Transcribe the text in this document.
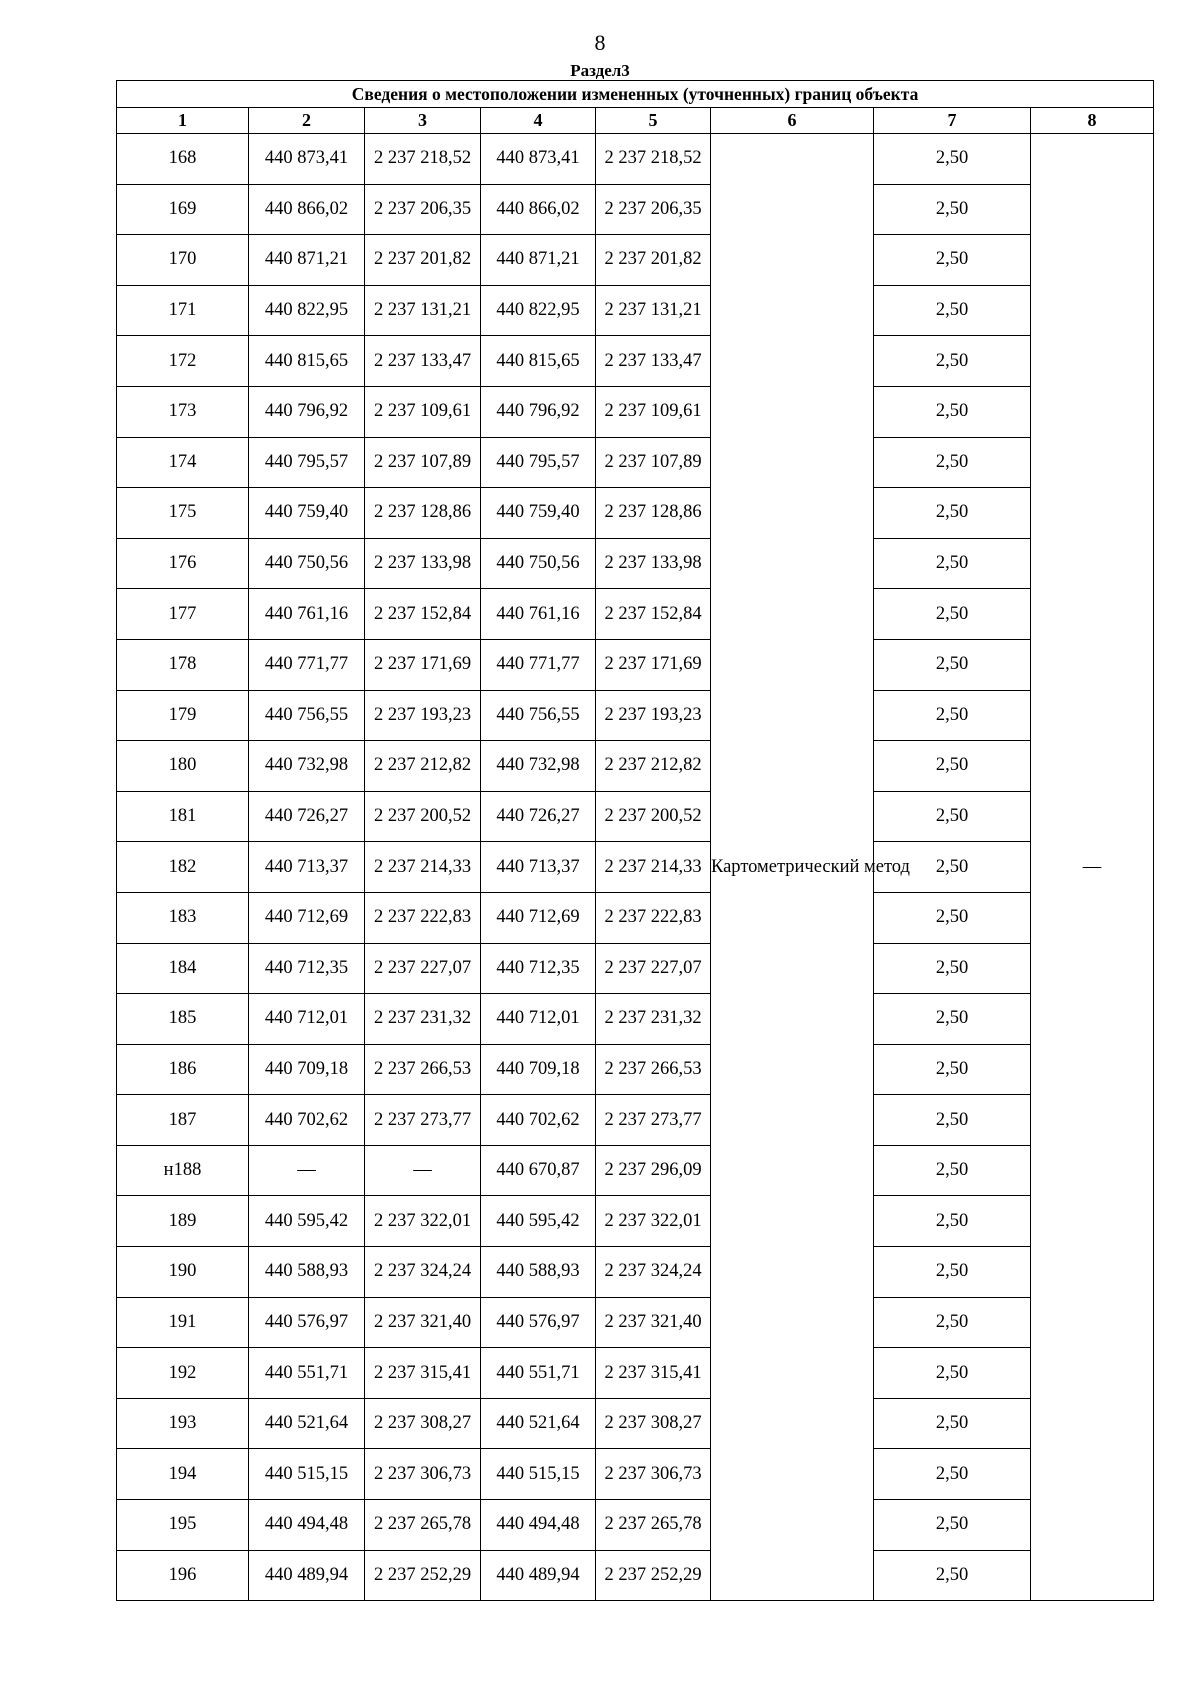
8
Раздел3
Сведения о местоположении измененных (уточненных) границ объекта							
1	2	3	4	5	6	7	8
168	440 873,41	2 237 218,52	440 873,41	2 237 218,52	Картометрический метод	2,50	—
169	440 866,02	2 237 206,35	440 866,02	2 237 206,35		2,50	
170	440 871,21	2 237 201,82	440 871,21	2 237 201,82		2,50	
171	440 822,95	2 237 131,21	440 822,95	2 237 131,21		2,50	
172	440 815,65	2 237 133,47	440 815,65	2 237 133,47		2,50	
173	440 796,92	2 237 109,61	440 796,92	2 237 109,61		2,50	
174	440 795,57	2 237 107,89	440 795,57	2 237 107,89		2,50	
175	440 759,40	2 237 128,86	440 759,40	2 237 128,86		2,50	
176	440 750,56	2 237 133,98	440 750,56	2 237 133,98		2,50	
177	440 761,16	2 237 152,84	440 761,16	2 237 152,84		2,50	
178	440 771,77	2 237 171,69	440 771,77	2 237 171,69		2,50	
179	440 756,55	2 237 193,23	440 756,55	2 237 193,23		2,50	
180	440 732,98	2 237 212,82	440 732,98	2 237 212,82		2,50	
181	440 726,27	2 237 200,52	440 726,27	2 237 200,52		2,50	
182	440 713,37	2 237 214,33	440 713,37	2 237 214,33		2,50	
183	440 712,69	2 237 222,83	440 712,69	2 237 222,83		2,50	
184	440 712,35	2 237 227,07	440 712,35	2 237 227,07		2,50	
185	440 712,01	2 237 231,32	440 712,01	2 237 231,32		2,50	
186	440 709,18	2 237 266,53	440 709,18	2 237 266,53		2,50	
187	440 702,62	2 237 273,77	440 702,62	2 237 273,77		2,50	
н188	—	—	440 670,87	2 237 296,09		2,50	
189	440 595,42	2 237 322,01	440 595,42	2 237 322,01		2,50	
190	440 588,93	2 237 324,24	440 588,93	2 237 324,24		2,50	
191	440 576,97	2 237 321,40	440 576,97	2 237 321,40		2,50	
192	440 551,71	2 237 315,41	440 551,71	2 237 315,41		2,50	
193	440 521,64	2 237 308,27	440 521,64	2 237 308,27		2,50	
194	440 515,15	2 237 306,73	440 515,15	2 237 306,73		2,50	
195	440 494,48	2 237 265,78	440 494,48	2 237 265,78		2,50	
196	440 489,94	2 237 252,29	440 489,94	2 237 252,29		2,50	
